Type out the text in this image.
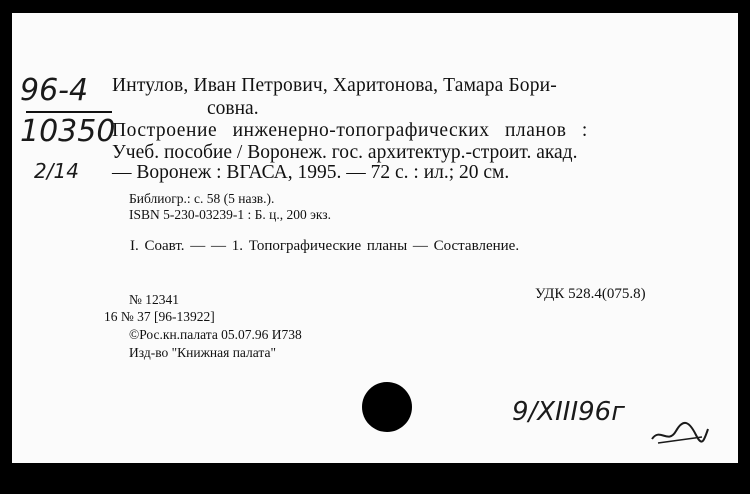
96-4
10350
2/14
Интулов, Иван Петрович, Харитонова, Тамара Бори-
совна.
Построение инженерно-топографических планов :
Учеб. пособие / Воронеж. гос. архитектур.-строит. акад.
— Воронеж : ВГАСА, 1995. — 72 с. : ил.; 20 см.
Библиогр.: с. 58 (5 назв.).
ISBN 5-230-03239-1 : Б. ц., 200 экз.
I. Соавт. — — 1. Топографические планы — Составление.
№ 12341	УДК 528.4(075.8)
16 № 37 [96-13922]
©Рос.кн.палата 05.07.96 И738
Изд-во "Книжная палата"
9/XIII96г
